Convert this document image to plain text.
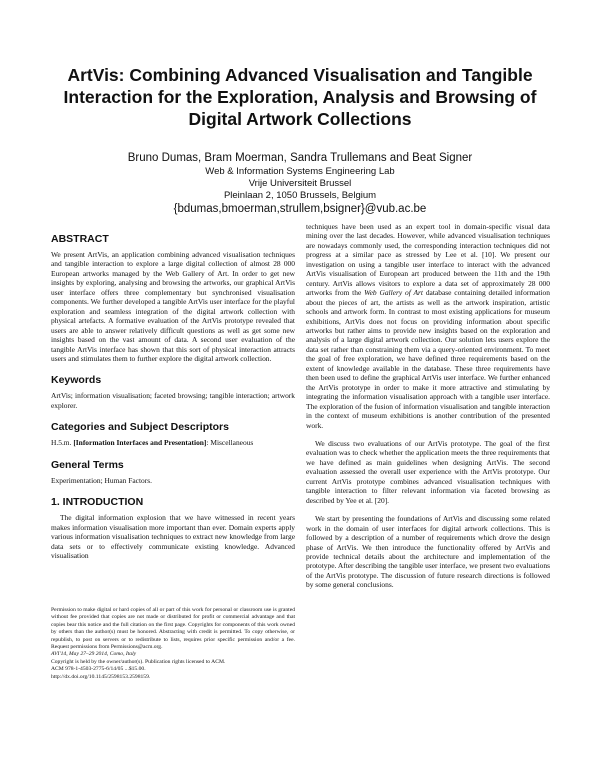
ArtVis: Combining Advanced Visualisation and Tangible Interaction for the Exploration, Analysis and Browsing of Digital Artwork Collections
Bruno Dumas, Bram Moerman, Sandra Trullemans and Beat Signer
Web & Information Systems Engineering Lab
Vrije Universiteit Brussel
Pleinlaan 2, 1050 Brussels, Belgium
{bdumas,bmoerman,strullem,bsigner}@vub.ac.be
ABSTRACT

We present ArtVis, an application combining advanced visualisation techniques and tangible interaction to explore a large digital collection of almost 28 000 European artworks managed by the Web Gallery of Art. In order to get new insights by exploring, analysing and browsing the artworks, our graphical ArtVis user interface offers three complementary but synchronised visualisation components. We further developed a tangible ArtVis user interface for the playful exploration and seamless integration of the digital artwork collection with physical artefacts. A formative evaluation of the ArtVis prototype revealed that users are able to answer relatively difficult questions as well as get some new insights based on the vast amount of data. A second user evaluation of the tangible ArtVis interface has shown that this sort of physical interaction attracts users and stimulates them to further explore the digital artwork collection.

Keywords

ArtVis; information visualisation; faceted browsing; tangible interaction; artwork explorer.

Categories and Subject Descriptors

H.5.m. [Information Interfaces and Presentation]: Miscellaneous

General Terms

Experimentation; Human Factors.

1. INTRODUCTION

The digital information explosion that we have witnessed in recent years makes information visualisation more important than ever. Domain experts apply various information visualisation techniques to extract new knowledge from large data sets or to effectively communicate existing knowledge. Advanced visualisation

Permission to make digital or hard copies of all or part of this work for personal or classroom use is granted without fee provided that copies are not made or distributed for profit or commercial advantage and that copies bear this notice and the full citation on the first page. Copyrights for components of this work owned by others than the author(s) must be honored. Abstracting with credit is permitted. To copy otherwise, or republish, to post on servers or to redistribute to lists, requires prior specific permission and/or a fee. Request permissions from Permissions@acm.org.

AVI'14, May 27–29 2014, Como, Italy

Copyright is held by the owner/author(s). Publication rights licensed to ACM.

ACM 978-1-4503-2775-6/14/05 ...$15.00.

http://dx.doi.org/10.1145/2598153.2598159.

techniques have been used as an expert tool in domain-specific visual data mining over the last decades. However, while advanced visualisation techniques are nowadays commonly used, the corresponding interaction techniques did not progress at a similar pace as stressed by Lee et al. [10]. We present our investigation on using a tangible user interface to interact with the advanced ArtVis visualisation of European art produced between the 11th and the 19th century. ArtVis allows visitors to explore a data set of approximately 28 000 artworks from the Web Gallery of Art database containing detailed information about the pieces of art, the artists as well as the artwork inspiration, artistic schools and artwork form. In contrast to most existing applications for museum exhibitions, ArtVis does not focus on providing information about specific artworks but rather aims to provide new insights based on the exploration and analysis of a large digital artwork collection. Our solution lets users explore the data set rather than constraining them via a query-oriented environment. To meet the goal of free exploration, we have defined three requirements based on the extent of knowledge available in the database. These three requirements have then been used to define the graphical ArtVis user interface. We further enhanced the ArtVis prototype in order to make it more attractive and stimulating by integrating the information visualisation approach with a tangible user interface. The exploration of the fusion of information visualisation and tangible interaction in the context of museum exhibitions is another contribution of the presented work.

We discuss two evaluations of our ArtVis prototype. The goal of the first evaluation was to check whether the application meets the three requirements that we have defined as main guidelines when designing ArtVis. The second evaluation assessed the overall user experience with the ArtVis prototype. Our current ArtVis prototype combines advanced visualisation techniques with tangible interaction to filter relevant information via faceted browsing as described by Yee et al. [20].

We start by presenting the foundations of ArtVis and discussing some related work in the domain of user interfaces for digital artwork collections. This is followed by a description of a number of requirements which drove the design phase of ArtVis. We then introduce the functionality offered by ArtVis and provide technical details about the architecture and implementation of the prototype. After describing the tangible user interface, we present two evaluations of the ArtVis prototype. The discussion of future research directions is followed by some general conclusions.
